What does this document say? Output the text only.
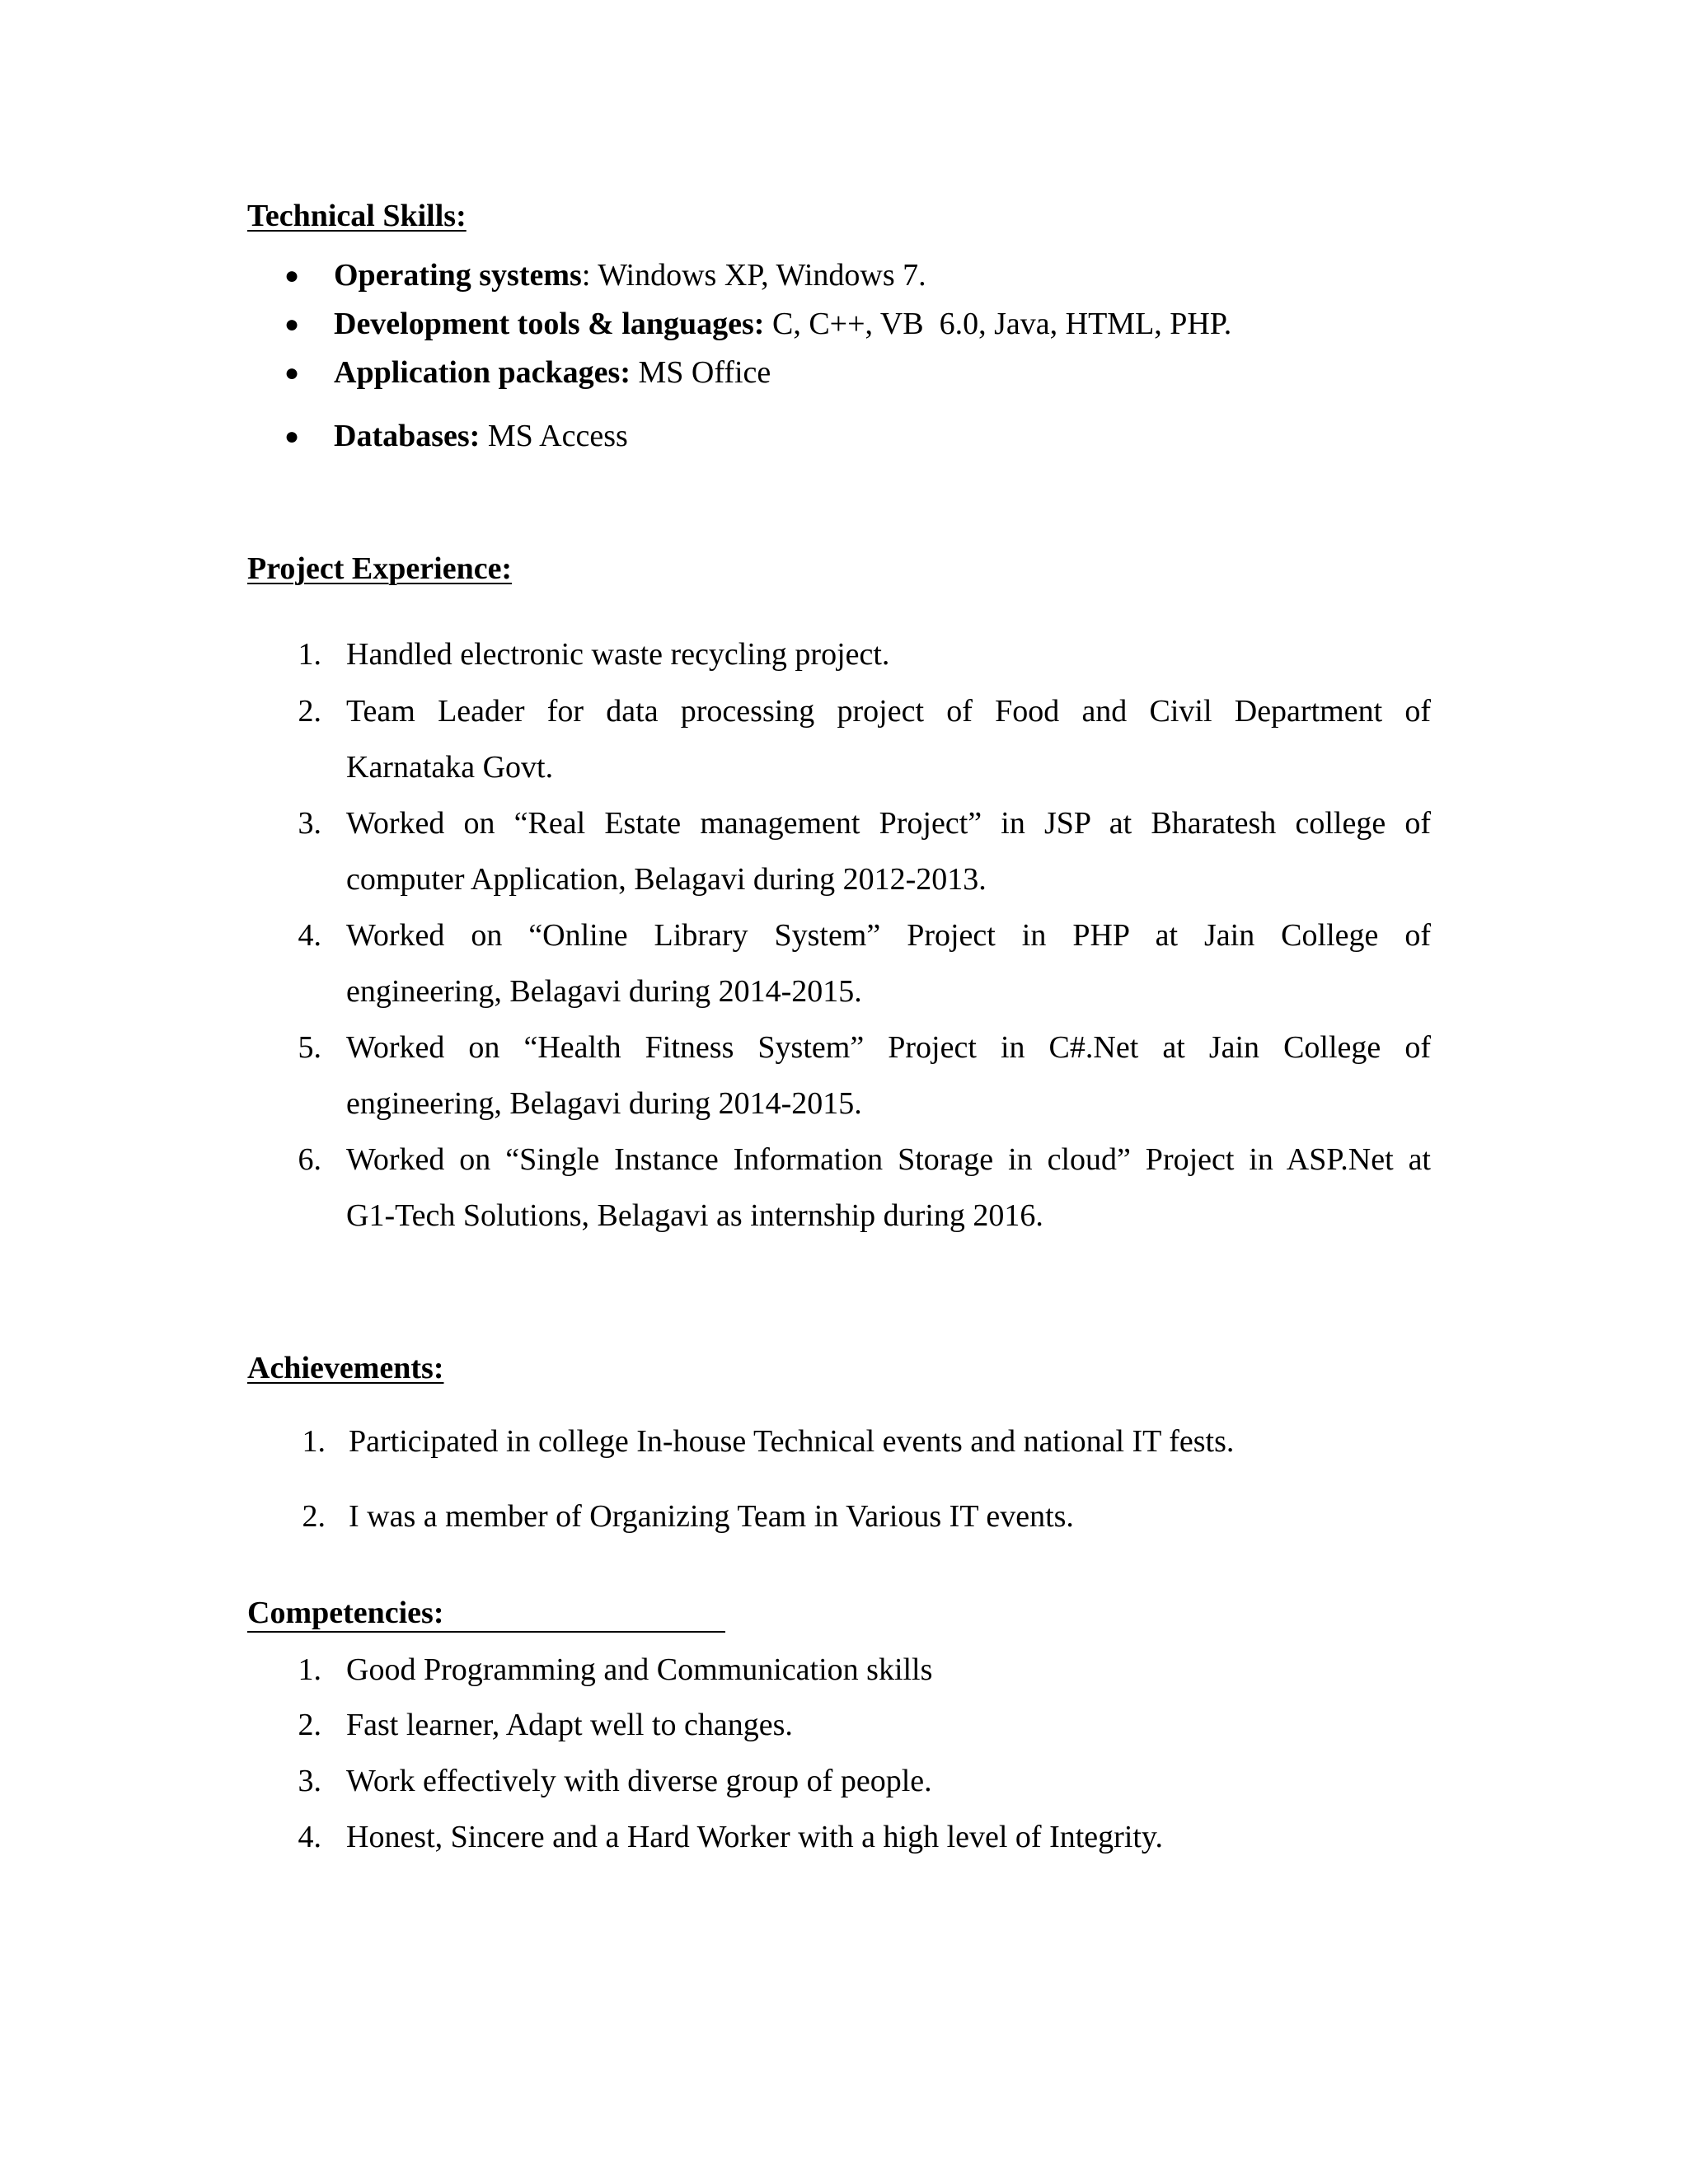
Technical Skills:
● Operating systems: Windows XP, Windows 7.
● Development tools & languages: C, C++, VB  6.0, Java, HTML, PHP.
● Application packages: MS Office
● Databases: MS Access
Project Experience:
1. Handled electronic waste recycling project.
2. Team Leader for data processing project of Food and Civil Department of
Karnataka Govt.
3. Worked on “Real Estate management Project” in JSP at Bharatesh college of
computer Application, Belagavi during 2012-2013.
4. Worked on “Online Library System” Project in PHP at Jain College of
engineering, Belagavi during 2014-2015.
5. Worked on “Health Fitness System” Project in C#.Net at Jain College of
engineering, Belagavi during 2014-2015.
6. Worked on “Single Instance Information Storage in cloud” Project in ASP.Net at
G1-Tech Solutions, Belagavi as internship during 2016.
Achievements:
1. Participated in college In-house Technical events and national IT fests.
2. I was a member of Organizing Team in Various IT events.
Competencies:
1. Good Programming and Communication skills
2. Fast learner, Adapt well to changes.
3. Work effectively with diverse group of people.
4. Honest, Sincere and a Hard Worker with a high level of Integrity.
